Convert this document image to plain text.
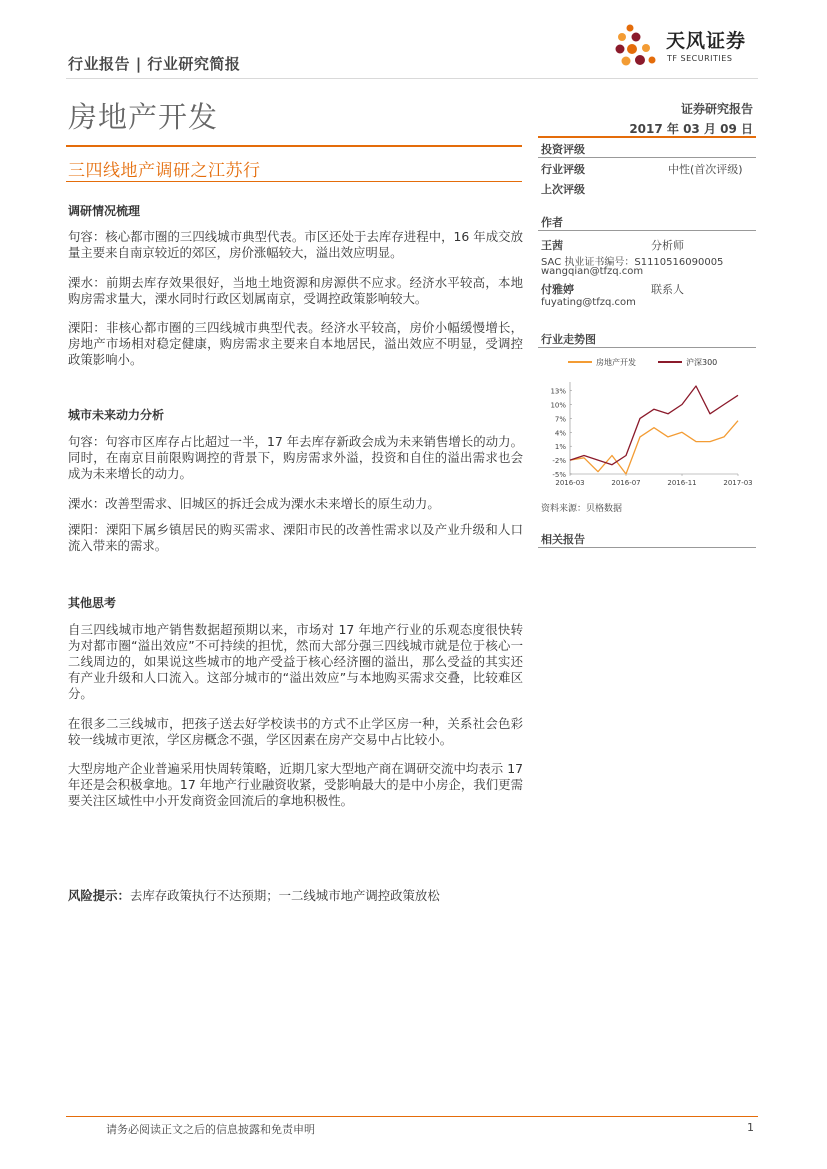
行业报告 | 行业研究简报
天风证券
TF SECURITIES
房地产开发	证券研究报告
2017 年 03 月 09 日
三四线地产调研之江苏行
调研情况梳理
句容：核心都市圈的三四线城市典型代表。市区还处于去库存进程中，16 年成交放量主要来自南京较近的郊区，房价涨幅较大，溢出效应明显。
溧水：前期去库存效果很好，当地土地资源和房源供不应求。经济水平较高，本地购房需求量大，溧水同时行政区划属南京，受调控政策影响较大。
溧阳：非核心都市圈的三四线城市典型代表。经济水平较高，房价小幅缓慢增长，房地产市场相对稳定健康，购房需求主要来自本地居民，溢出效应不明显，受调控政策影响小。
城市未来动力分析
句容：句容市区库存占比超过一半，17 年去库存新政会成为未来销售增长的动力。同时，在南京目前限购调控的背景下，购房需求外溢，投资和自住的溢出需求也会成为未来增长的动力。
溧水：改善型需求、旧城区的拆迁会成为溧水未来增长的原生动力。
溧阳：溧阳下属乡镇居民的购买需求、溧阳市民的改善性需求以及产业升级和人口流入带来的需求。
其他思考
自三四线城市地产销售数据超预期以来，市场对 17 年地产行业的乐观态度很快转为对都市圈“溢出效应”不可持续的担忧，然而大部分强三四线城市就是位于核心一二线周边的，如果说这些城市的地产受益于核心经济圈的溢出，那么受益的其实还有产业升级和人口流入。这部分城市的“溢出效应”与本地购买需求交叠，比较难区分。
在很多二三线城市，把孩子送去好学校读书的方式不止学区房一种，关系社会色彩较一线城市更浓，学区房概念不强，学区因素在房产交易中占比较小。
大型房地产企业普遍采用快周转策略，近期几家大型地产商在调研交流中均表示 17 年还是会积极拿地。17 年地产行业融资收紧，受影响最大的是中小房企，我们更需要关注区域性中小开发商资金回流后的拿地积极性。
风险提示：去库存政策执行不达预期；一二线城市地产调控政策放松
投资评级
行业评级	中性(首次评级)
上次评级
作者
王茜	分析师
SAC 执业证书编号：S1110516090005
wangqian@tfzq.com
付雅婷	联系人
fuyating@tfzq.com
行业走势图
房地产开发	沪深300
13%
10%
7%
4%
1%
-2%
-5%
2016-03	2016-07	2016-11	2017-03
资料来源：贝格数据
相关报告
请务必阅读正文之后的信息披露和免责申明	1
